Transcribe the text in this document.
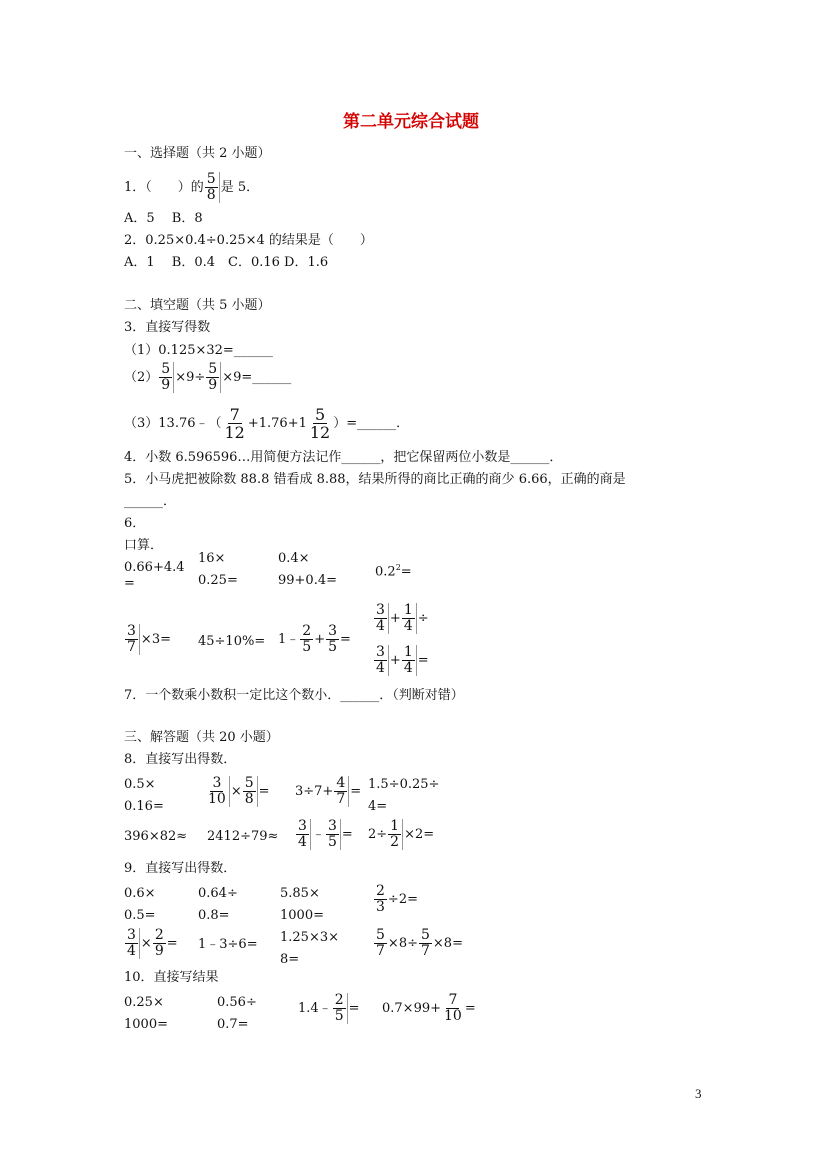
第二单元综合试题
一、选择题（共 2 小题）
1．（　　）的 $\frac{5}{8}$ 是 5．
A．5　 B．8
2．0.25×0.4÷0.25×4 的结果是（　　）
A．1　 B．0.4　C．0.16 D．1.6
二、填空题（共 5 小题）
3．直接写得数
（1）0.125×32=______
$(2) \frac{5}{9} \times 9\div \frac{5}{9}$ ×9=______
（3）13.76﹣（ $\frac{7}{12} +1.76+1 \frac{5}{12}$ ）=______．
4．小数 6.596596…用简便方法记作______，把它保留两位小数是______．
5．小马虎把被除数 88.8 错看成 8.88，结果所得的商比正确的商少 6.66，正确的商是
______．
6．
口算．
0.66+4.4
=
16×
0.25=
0.4×
99+0.4=
$0.2^2=$
$\frac{3}{7} \times 3= 45\div 10\%=$ 1﹣ $\frac{2}{5} + \frac{3}{5}$ =
$\frac{3}{4} + \frac{1}{4}$ ÷
$\frac{3}{4} + \frac{1}{4}$ =
7．一个数乘小数积一定比这个数小．______．（判断对错）
三、解答题（共 20 小题）
8．直接写出得数．
0.5×
0.16=	$\frac{3}{10} \times \frac{5}{8} = 3\div 7+ \frac{4}{7} = 1.5\div 0.25\div$
4=
$396\times 82\approx 2412\div 79\approx \frac{3}{4}$ ﹣ $\frac{3}{5} = 2\div \frac{1}{2} \times 2=$
9．直接写出得数．
0.6×
0.5=
0.64÷
0.8=
5.85×
1000=
$\frac{2}{3} \div 2=$
$\frac{3}{4} \times \frac{2}{9}$ = 1﹣3÷6= 1.25×3×
8=
$\frac{5}{7} \times 8\div \frac{5}{7} \times 8=$
10．直接写结果
0.25×
1000=
0.56÷
0.7=
1.4﹣ $\frac{2}{5} = 0.7\times 99+ \frac{7}{10}$ =
3
